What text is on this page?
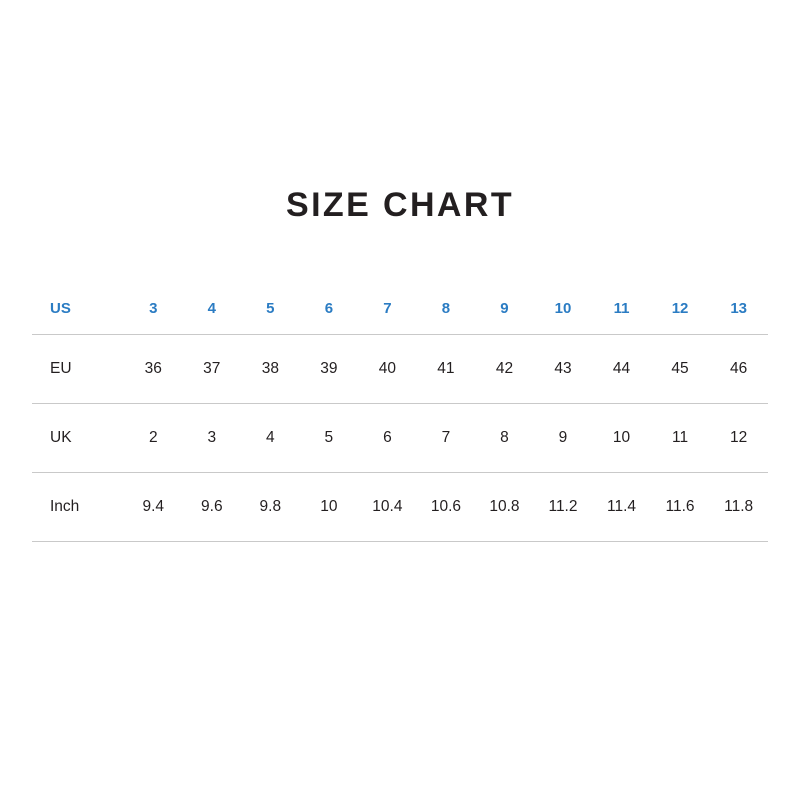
SIZE CHART
US	3	4	5	6	7	8	9	10	11	12	13
EU	36	37	38	39	40	41	42	43	44	45	46
UK	2	3	4	5	6	7	8	9	10	11	12
Inch	9.4	9.6	9.8	10	10.4	10.6	10.8	11.2	11.4	11.6	11.8
